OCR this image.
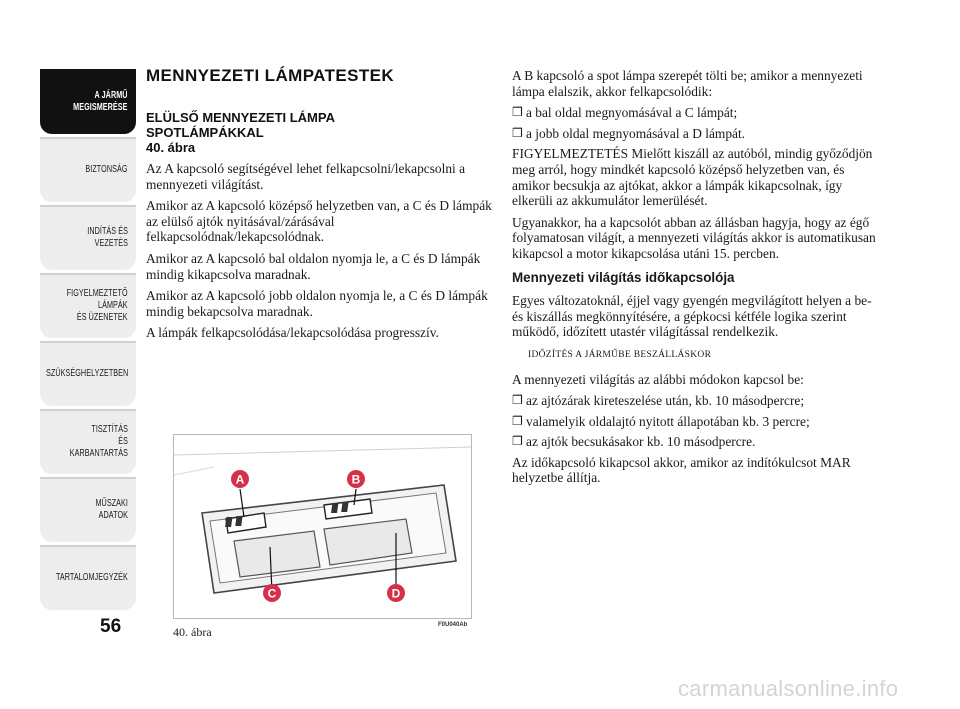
A JÁRMŰ
MEGISMERÉSE
BIZTONSÁG
INDÍTÁS ÉS VEZETÉS
FIGYELMEZTETŐ
LÁMPÁK
ÉS ÜZENETEK
SZÜKSÉGHELYZETBEN
TISZTÍTÁS
ÉS KARBANTARTÁS
MŰSZAKI ADATOK
TARTALOMJEGYZÉK
56
MENNYEZETI LÁMPATESTEK
ELÜLSŐ MENNYEZETI LÁMPA
SPOTLÁMPÁKKAL
40. ábra

Az A kapcsoló segítségével lehet felkapcsolni/lekapcsolni a mennyezeti világítást.

Amikor az A kapcsoló középső helyzetben van, a C és D lámpák az elülső ajtók nyitásával/zárásával felkapcsolódnak/lekapcsolódnak.

Amikor az A kapcsoló bal oldalon nyomja le, a C és D lámpák mindig kikapcsolva maradnak.

Amikor az A kapcsoló jobb oldalon nyomja le, a C és D lámpák mindig bekapcsolva maradnak.

A lámpák felkapcsolódása/lekapcsolódása progresszív.

A	B
C	D
40. ábra	F0U040Ab

A B kapcsoló a spot lámpa szerepét tölti be; amikor a mennyezeti lámpa elalszik, akkor felkapcsolódik:

❒ a bal oldal megnyomásával a C lámpát;
❒ a jobb oldal megnyomásával a D lámpát.

FIGYELMEZTETÉS Mielőtt kiszáll az autóból, mindig győződjön meg arról, hogy mindkét kapcsoló középső helyzetben van, és amikor becsukja az ajtókat, akkor a lámpák kikapcsolnak, így elkerüli az akkumulátor lemerülését.

Ugyanakkor, ha a kapcsolót abban az állásban hagyja, hogy az égő folyamatosan világít, a mennyezeti világítás akkor is automatikusan kikapcsol a motor kikapcsolása utáni 15. percben.

Mennyezeti világítás időkapcsolója

Egyes változatoknál, éjjel vagy gyengén megvilágított helyen a be- és kiszállás megkönnyítésére, a gépkocsi kétféle logika szerint működő, időzített utastér világítással rendelkezik.

IDŐZÍTÉS A JÁRMŰBE BESZÁLLÁSKOR

A mennyezeti világítás az alábbi módokon kapcsol be:

❒ az ajtózárak kireteszelése után, kb. 10 másodpercre;
❒ valamelyik oldalajtó nyitott állapotában kb. 3 percre;
❒ az ajtók becsukásakor kb. 10 másodpercre.

Az időkapcsoló kikapcsol akkor, amikor az indítókulcsot MAR helyzetbe állítja.

carmanualsonline.info
